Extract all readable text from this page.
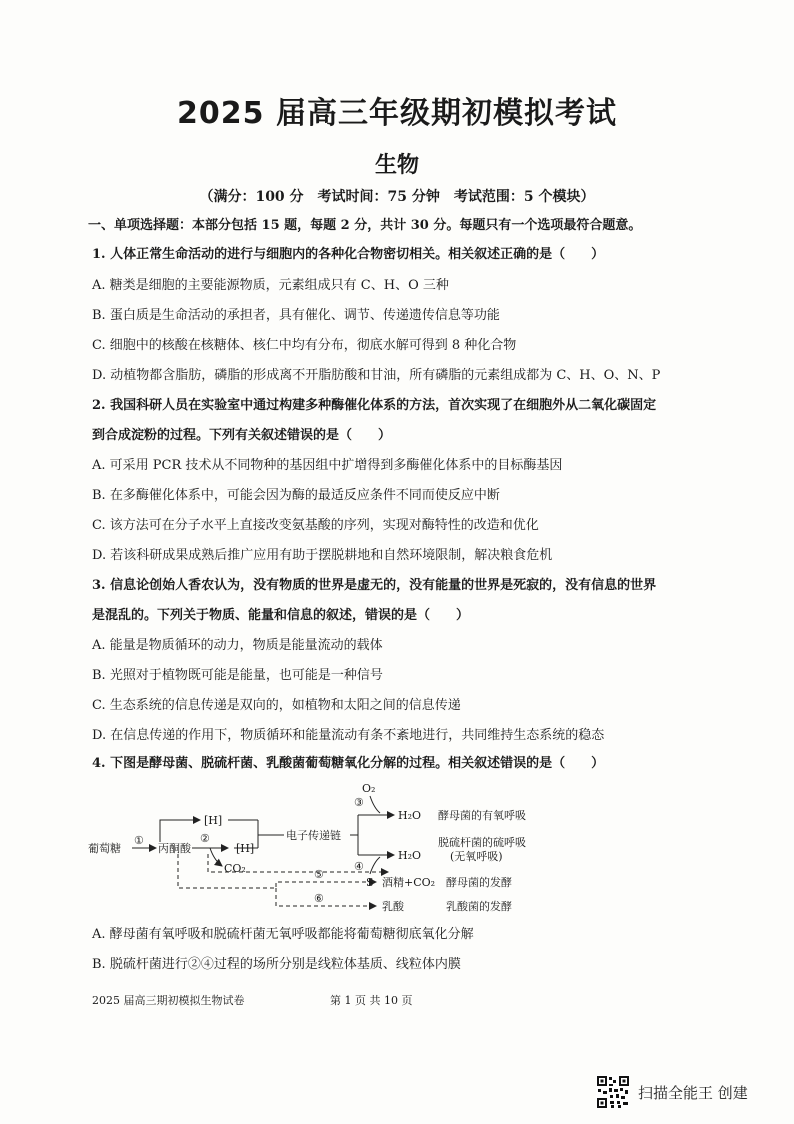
2025 届高三年级期初模拟考试
生物
（满分：100 分　考试时间：75 分钟　考试范围：5 个模块）
一、单项选择题：本部分包括 15 题，每题 2 分，共计 30 分。每题只有一个选项最符合题意。
1. 人体正常生命活动的进行与细胞内的各种化合物密切相关。相关叙述正确的是（　　）
A. 糖类是细胞的主要能源物质，元素组成只有 C、H、O 三种
B. 蛋白质是生命活动的承担者，具有催化、调节、传递遗传信息等功能
C. 细胞中的核酸在核糖体、核仁中均有分布，彻底水解可得到 8 种化合物
D. 动植物都含脂肪，磷脂的形成离不开脂肪酸和甘油，所有磷脂的元素组成都为 C、H、O、N、P
2. 我国科研人员在实验室中通过构建多种酶催化体系的方法，首次实现了在细胞外从二氧化碳固定
到合成淀粉的过程。下列有关叙述错误的是（　　）
A. 可采用 PCR 技术从不同物种的基因组中扩增得到多酶催化体系中的目标酶基因
B. 在多酶催化体系中，可能会因为酶的最适反应条件不同而使反应中断
C. 该方法可在分子水平上直接改变氨基酸的序列，实现对酶特性的改造和优化
D. 若该科研成果成熟后推广应用有助于摆脱耕地和自然环境限制，解决粮食危机
3. 信息论创始人香农认为，没有物质的世界是虚无的，没有能量的世界是死寂的，没有信息的世界
是混乱的。下列关于物质、能量和信息的叙述，错误的是（　　）
A. 能量是物质循环的动力，物质是能量流动的载体
B. 光照对于植物既可能是能量，也可能是一种信号
C. 生态系统的信息传递是双向的，如植物和太阳之间的信息传递
D. 在信息传递的作用下，物质循环和能量流动有条不紊地进行，共同维持生态系统的稳态
4. 下图是酵母菌、脱硫杆菌、乳酸菌葡萄糖氧化分解的过程。相关叙述错误的是（　　）
葡萄糖	丙酮酸
[H]
[H]
CO₂
电子传递链
O₂
S
H₂O
H₂O
酒精+CO₂
乳酸
①	②
③
④
⑤
⑥
酵母菌的有氧呼吸
脱硫杆菌的硫呼吸
(无氧呼吸)
酵母菌的发酵
乳酸菌的发酵
A. 酵母菌有氧呼吸和脱硫杆菌无氧呼吸都能将葡萄糖彻底氧化分解
B. 脱硫杆菌进行②④过程的场所分别是线粒体基质、线粒体内膜
2025 届高三期初模拟生物试卷	第 1 页 共 10 页
扫描全能王 创建
